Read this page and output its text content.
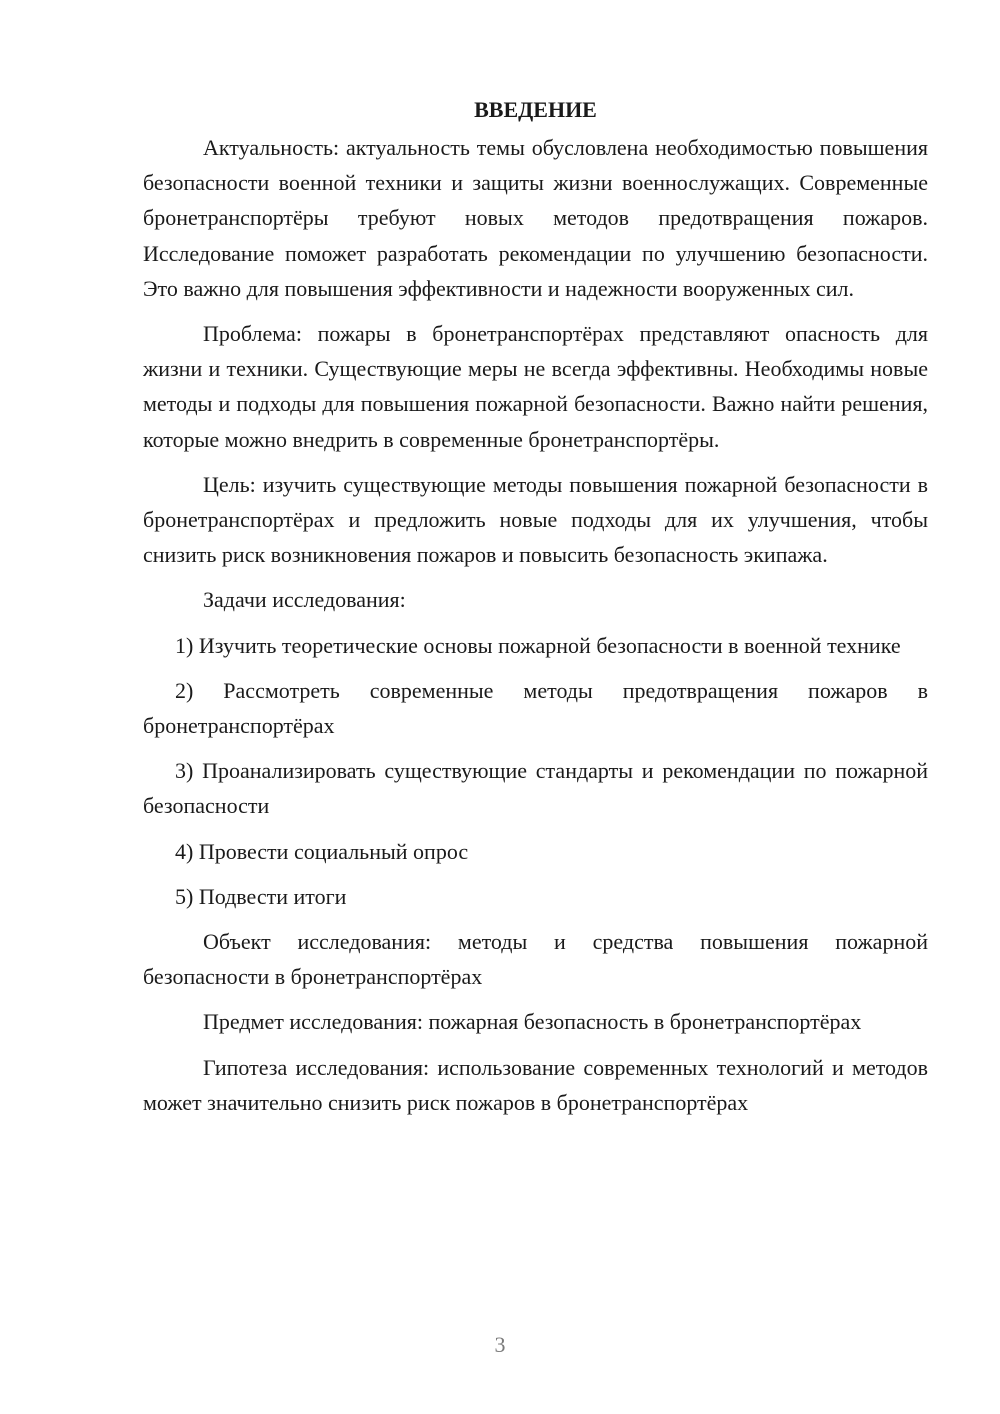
ВВЕДЕНИЕ

Актуальность: актуальность темы обусловлена необходимостью повышения безопасности военной техники и защиты жизни военнослужащих. Современные бронетранспортёры требуют новых методов предотвращения пожаров. Исследование поможет разработать рекомендации по улучшению безопасности. Это важно для повышения эффективности и надежности вооруженных сил.

Проблема: пожары в бронетранспортёрах представляют опасность для жизни и техники. Существующие меры не всегда эффективны. Необходимы новые методы и подходы для повышения пожарной безопасности. Важно найти решения, которые можно внедрить в современные бронетранспортёры.

Цель: изучить существующие методы повышения пожарной безопасности в бронетранспортёрах и предложить новые подходы для их улучшения, чтобы снизить риск возникновения пожаров и повысить безопасность экипажа.

Задачи исследования:

1) Изучить теоретические основы пожарной безопасности в военной технике

2) Рассмотреть современные методы предотвращения пожаров в бронетранспортёрах

3) Проанализировать существующие стандарты и рекомендации по пожарной безопасности

4) Провести социальный опрос

5) Подвести итоги

Объект исследования: методы и средства повышения пожарной безопасности в бронетранспортёрах

Предмет исследования: пожарная безопасность в бронетранспортёрах

Гипотеза исследования: использование современных технологий и методов может значительно снизить риск пожаров в бронетранспортёрах

3
